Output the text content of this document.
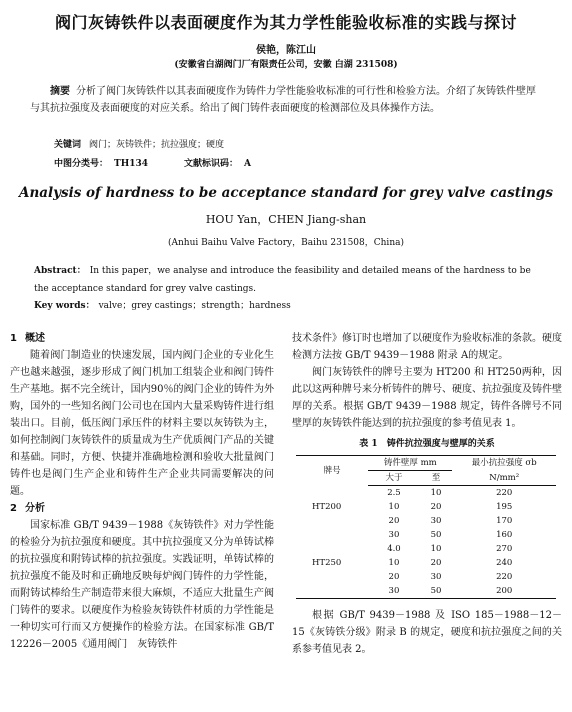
阀门灰铸铁件以表面硬度作为其力学性能验收标准的实践与探讨
侯艳，陈江山
(安徽省白湖阀门厂有限责任公司，安徽 白湖 231508)
摘要 分析了阀门灰铸铁件以其表面硬度作为铸件力学性能验收标准的可行性和检验方法。介绍了灰铸铁件壁厚与其抗拉强度及表面硬度的对应关系。给出了阀门铸件表面硬度的检测部位及具体操作方法。
关键词 阀门；灰铸铁件；抗拉强度；硬度
中图分类号： TH134	文献标识码： A
Analysis of hardness to be acceptance standard for grey valve castings
HOU Yan，CHEN Jiang-shan
(Anhui Baihu Valve Factory，Baihu 231508，China)
Abstract： In this paper，we analyse and introduce the feasibility and detailed means of the hardness to be the acceptance standard for grey valve castings.
Key words： valve；grey castings；strength；hardness
1 概述
随着阀门制造业的快速发展，国内阀门企业的专业化生产也越来越强，逐步形成了阀门机加工组装企业和阀门铸件生产基地。据不完全统计，国内90％的阀门企业的铸件为外购，国外的一些知名阀门公司也在国内大量采购铸件进行组装出口。目前，低压阀门承压件的材料主要以灰铸铁为主，如何控制阀门灰铸铁件的质量成为生产优质阀门产品的关键和基础。同时，方便、快捷并准确地检测和验收大批量阀门铸件也是阀门生产企业和铸件生产企业共同需要解决的问题。
2 分析
国家标准 GB/T 9439－1988《灰铸铁件》对力学性能的检验分为抗拉强度和硬度。其中抗拉强度又分为单铸试棒的抗拉强度和附铸试棒的抗拉强度。实践证明，单铸试棒的抗拉强度不能及时和正确地反映每炉阀门铸件的力学性能，而附铸试棒给生产制造带来很大麻烦，不适应大批量生产阀门铸件的要求。以硬度作为检验灰铸铁件材质的力学性能是一种切实可行而又方便操作的检验方法。在国家标准 GB/T 12226－2005《通用阀门　灰铸铁件
技术条件》修订时也增加了以硬度作为验收标准的条款。硬度检测方法按 GB/T 9439－1988 附录 A的规定。
阀门灰铸铁件的牌号主要为 HT200 和 HT250两种，因此以这两种牌号来分析铸件的牌号、硬度、抗拉强度及铸件壁厚的关系。根据 GB/T 9439－1988 规定，铸件各牌号不同壁厚的灰铸铁件能达到的抗拉强度的参考值见表 1。
表 1　铸件抗拉强度与壁厚的关系
牌号	铸件壁厚 mm		最小抗拉强度 σb
	大于	至	N/mm²
	2.5	10	220
HT200	10	20	195
	20	30	170
	30	50	160
	4.0	10	270
HT250	10	20	240
	20	30	220
	30	50	200
根据 GB/T 9439－1988 及 ISO 185－1988－12－15《灰铸铁分级》附录 B 的规定，硬度和抗拉强度之间的关系参考值见表 2。
